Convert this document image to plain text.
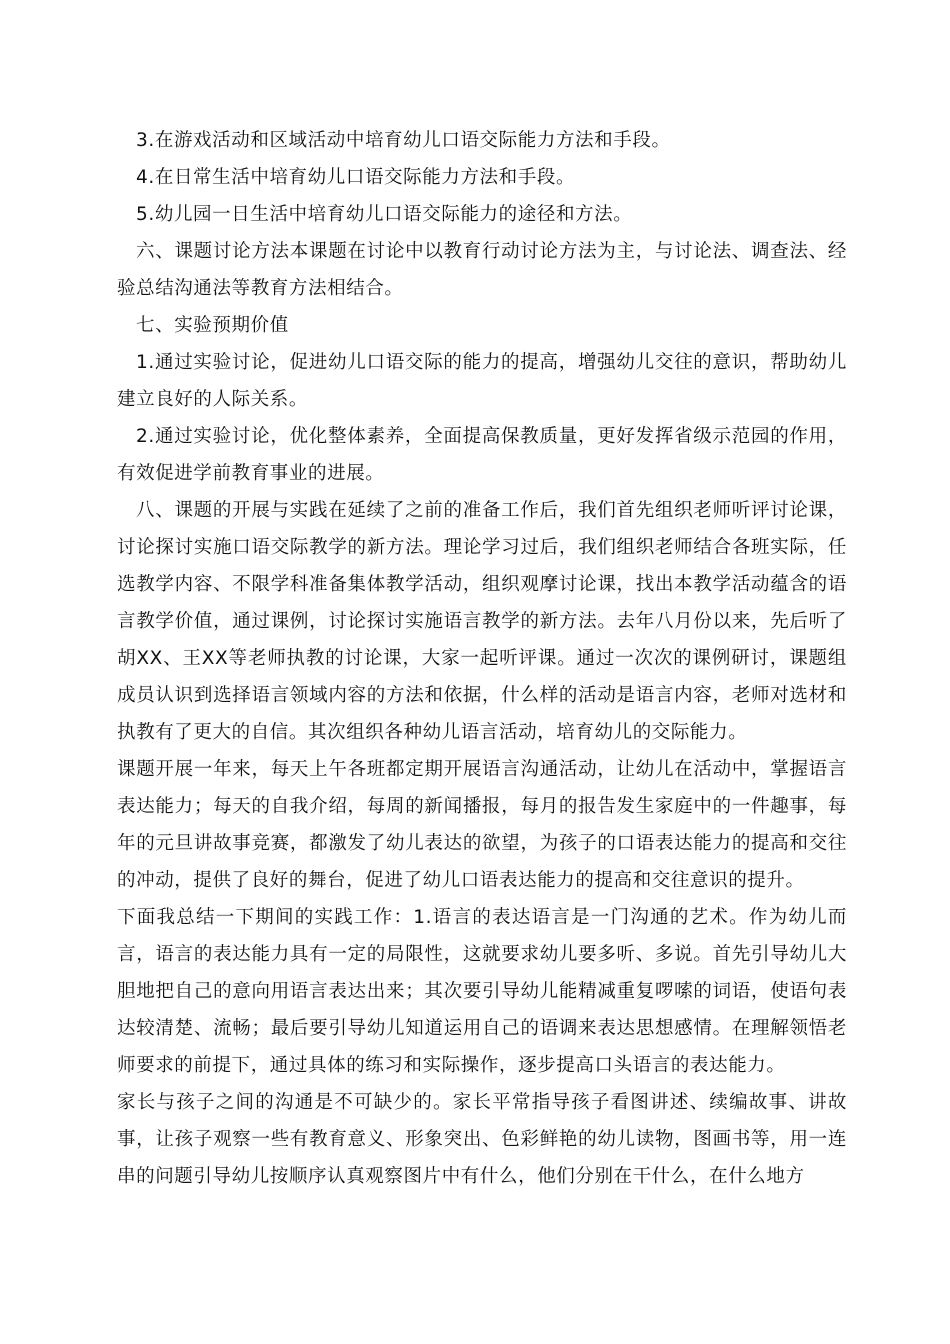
3.在游戏活动和区域活动中培育幼儿口语交际能力方法和手段。

4.在日常生活中培育幼儿口语交际能力方法和手段。

5.幼儿园一日生活中培育幼儿口语交际能力的途径和方法。

六、课题讨论方法本课题在讨论中以教育行动讨论方法为主，与讨论法、调查法、经验总结沟通法等教育方法相结合。

七、实验预期价值

1.通过实验讨论，促进幼儿口语交际的能力的提高，增强幼儿交往的意识，帮助幼儿建立良好的人际关系。

2.通过实验讨论，优化整体素养，全面提高保教质量，更好发挥省级示范园的作用，有效促进学前教育事业的进展。

八、课题的开展与实践在延续了之前的准备工作后，我们首先组织老师听评讨论课，讨论探讨实施口语交际教学的新方法。理论学习过后，我们组织老师结合各班实际，任选教学内容、不限学科准备集体教学活动，组织观摩讨论课，找出本教学活动蕴含的语言教学价值，通过课例，讨论探讨实施语言教学的新方法。去年八月份以来，先后听了胡XX、王XX等老师执教的讨论课，大家一起听评课。通过一次次的课例研讨，课题组成员认识到选择语言领域内容的方法和依据，什么样的活动是语言内容，老师对选材和执教有了更大的自信。其次组织各种幼儿语言活动，培育幼儿的交际能力。

课题开展一年来，每天上午各班都定期开展语言沟通活动，让幼儿在活动中，掌握语言表达能力；每天的自我介绍，每周的新闻播报，每月的报告发生家庭中的一件趣事，每年的元旦讲故事竞赛，都激发了幼儿表达的欲望，为孩子的口语表达能力的提高和交往的冲动，提供了良好的舞台，促进了幼儿口语表达能力的提高和交往意识的提升。

下面我总结一下期间的实践工作：1.语言的表达语言是一门沟通的艺术。作为幼儿而言，语言的表达能力具有一定的局限性，这就要求幼儿要多听、多说。首先引导幼儿大胆地把自己的意向用语言表达出来；其次要引导幼儿能精减重复啰嗦的词语，使语句表达较清楚、流畅；最后要引导幼儿知道运用自己的语调来表达思想感情。在理解领悟老师要求的前提下，通过具体的练习和实际操作，逐步提高口头语言的表达能力。

家长与孩子之间的沟通是不可缺少的。家长平常指导孩子看图讲述、续编故事、讲故事，让孩子观察一些有教育意义、形象突出、色彩鲜艳的幼儿读物，图画书等，用一连串的问题引导幼儿按顺序认真观察图片中有什么，他们分别在干什么，在什么地方
